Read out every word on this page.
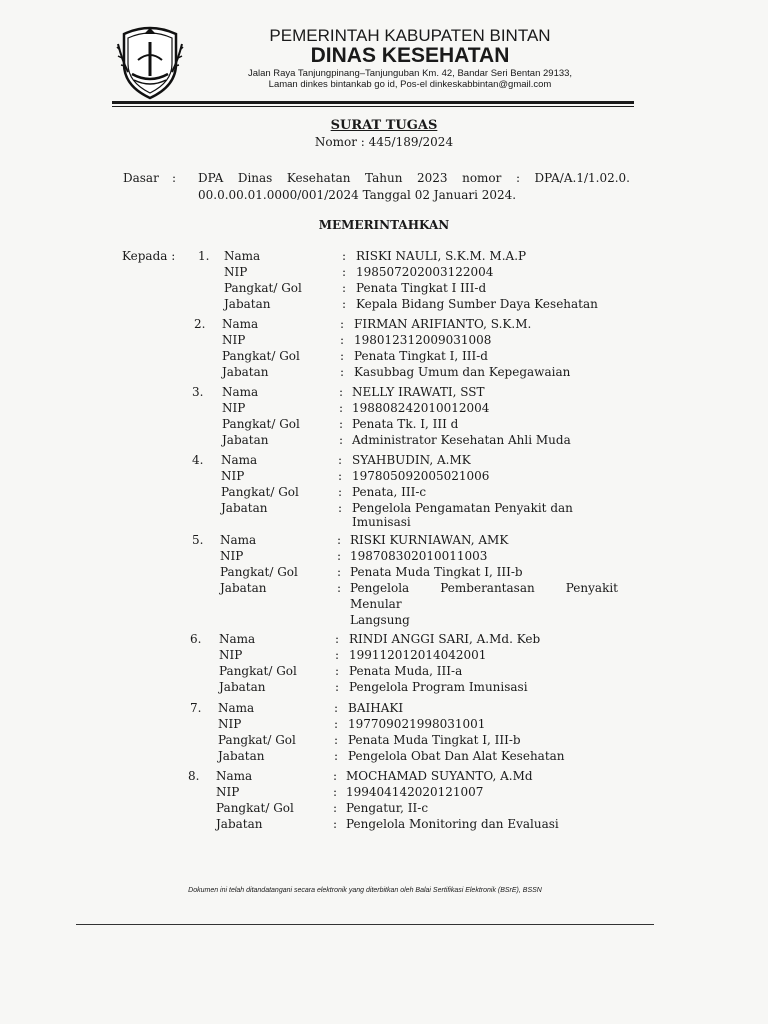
PEMERINTAH KABUPATEN BINTAN
DINAS KESEHATAN
Jalan Raya Tanjungpinang–Tanjunguban Km. 42, Bandar Seri Bentan 29133,
Laman dinkes bintankab go id, Pos-el dinkeskabbintan@gmail.com
SURAT TUGAS
Nomor : 445/189/2024
Dasar : DPA Dinas Kesehatan Tahun 2023 nomor : DPA/A.1/1.02.0. 00.0.00.01.0000/001/2024 Tanggal 02 Januari 2024.
MEMERINTAHKAN
Kepada : 1. Nama	: RISKI NAULI, S.K.M. M.A.P
NIP	: 198507202003122004
Pangkat/ Gol	: Penata Tingkat I III-d
Jabatan	: Kepala Bidang Sumber Daya Kesehatan
2. Nama	: FIRMAN ARIFIANTO, S.K.M.
NIP	: 198012312009031008
Pangkat/ Gol	: Penata Tingkat I, III-d
Jabatan	: Kasubbag Umum dan Kepegawaian
3. Nama	: NELLY IRAWATI, SST
NIP	: 198808242010012004
Pangkat/ Gol	: Penata Tk. I, III d
Jabatan	: Administrator Kesehatan Ahli Muda
4. Nama	: SYAHBUDIN, A.MK
NIP	: 197805092005021006
Pangkat/ Gol	: Penata, III-c
Jabatan	: Pengelola Pengamatan Penyakit dan Imunisasi
5. Nama	: RISKI KURNIAWAN, AMK
NIP	: 198708302010011003
Pangkat/ Gol	: Penata Muda Tingkat I, III-b
Jabatan	: Pengelola Pemberantasan Penyakit
Menular
Langsung
6. Nama	: RINDI ANGGI SARI, A.Md. Keb
NIP	: 199112012014042001
Pangkat/ Gol	: Penata Muda, III-a
Jabatan	: Pengelola Program Imunisasi
7. Nama	: BAIHAKI
NIP	: 197709021998031001
Pangkat/ Gol	: Penata Muda Tingkat I, III-b
Jabatan	: Pengelola Obat Dan Alat Kesehatan
8. Nama	: MOCHAMAD SUYANTO, A.Md
NIP	: 199404142020121007
Pangkat/ Gol	: Pengatur, II-c
Jabatan	: Pengelola Monitoring dan Evaluasi
Dokumen ini telah ditandatangani secara elektronik yang diterbitkan oleh Balai Sertifikasi Elektronik (BSrE), BSSN
